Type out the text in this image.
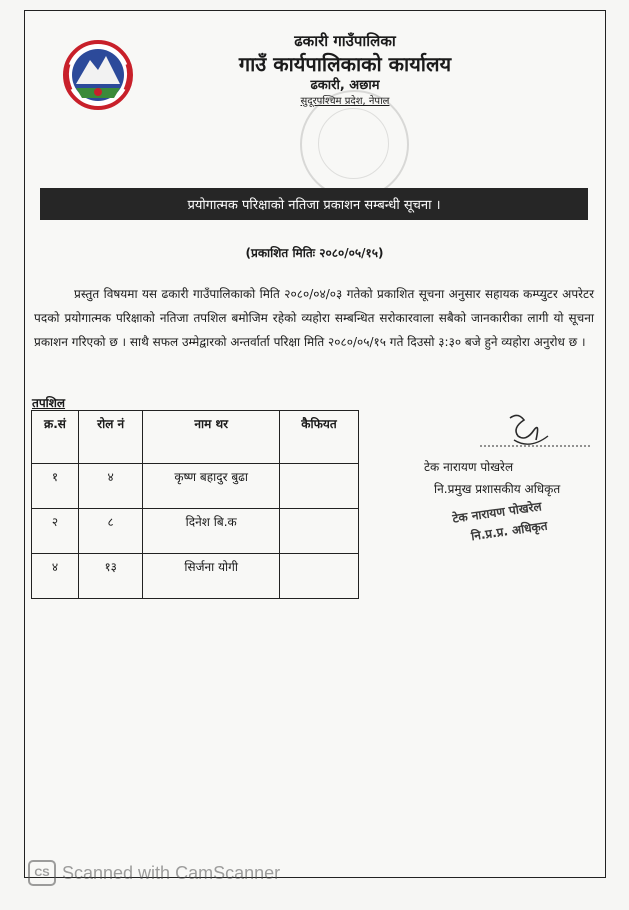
ढकारी गाउँपालिका
गाउँ कार्यपालिकाको कार्यालय
ढकारी, अछाम
सुदूरपश्चिम प्रदेश, नेपाल
प्रयोगात्मक परिक्षाको नतिजा प्रकाशन सम्बन्धी सूचना ।
(प्रकाशित मितिः २०८०/०५/१५)
प्रस्तुत विषयमा यस ढकारी गाउँपालिकाको मिति २०८०/०४/०३ गतेको प्रकाशित सूचना अनुसार सहायक कम्प्युटर अपरेटर पदको प्रयोगात्मक परिक्षाको नतिजा तपशिल बमोजिम रहेको व्यहोरा सम्बन्धित सरोकारवाला सबैको जानकारीका लागी यो सूचना प्रकाशन गरिएको छ । साथै सफल उम्मेद्वारको अन्तर्वार्ता परिक्षा मिति २०८०/०५/१५ गते दिउसो ३:३० बजे हुने व्यहोरा अनुरोध छ ।
तपशिल
क्र.सं	रोल नं	नाम थर	कैफियत
१	४	कृष्ण बहादुर बुढा	
२	८	दिनेश बि.क	
४	१३	सिर्जना योगी	
टेक नारायण पोखरेल
नि.प्रमुख प्रशासकीय अधिकृत
टेक नारायण पोखरेल
नि.प्र.प्र. अधिकृत
CS Scanned with CamScanner
